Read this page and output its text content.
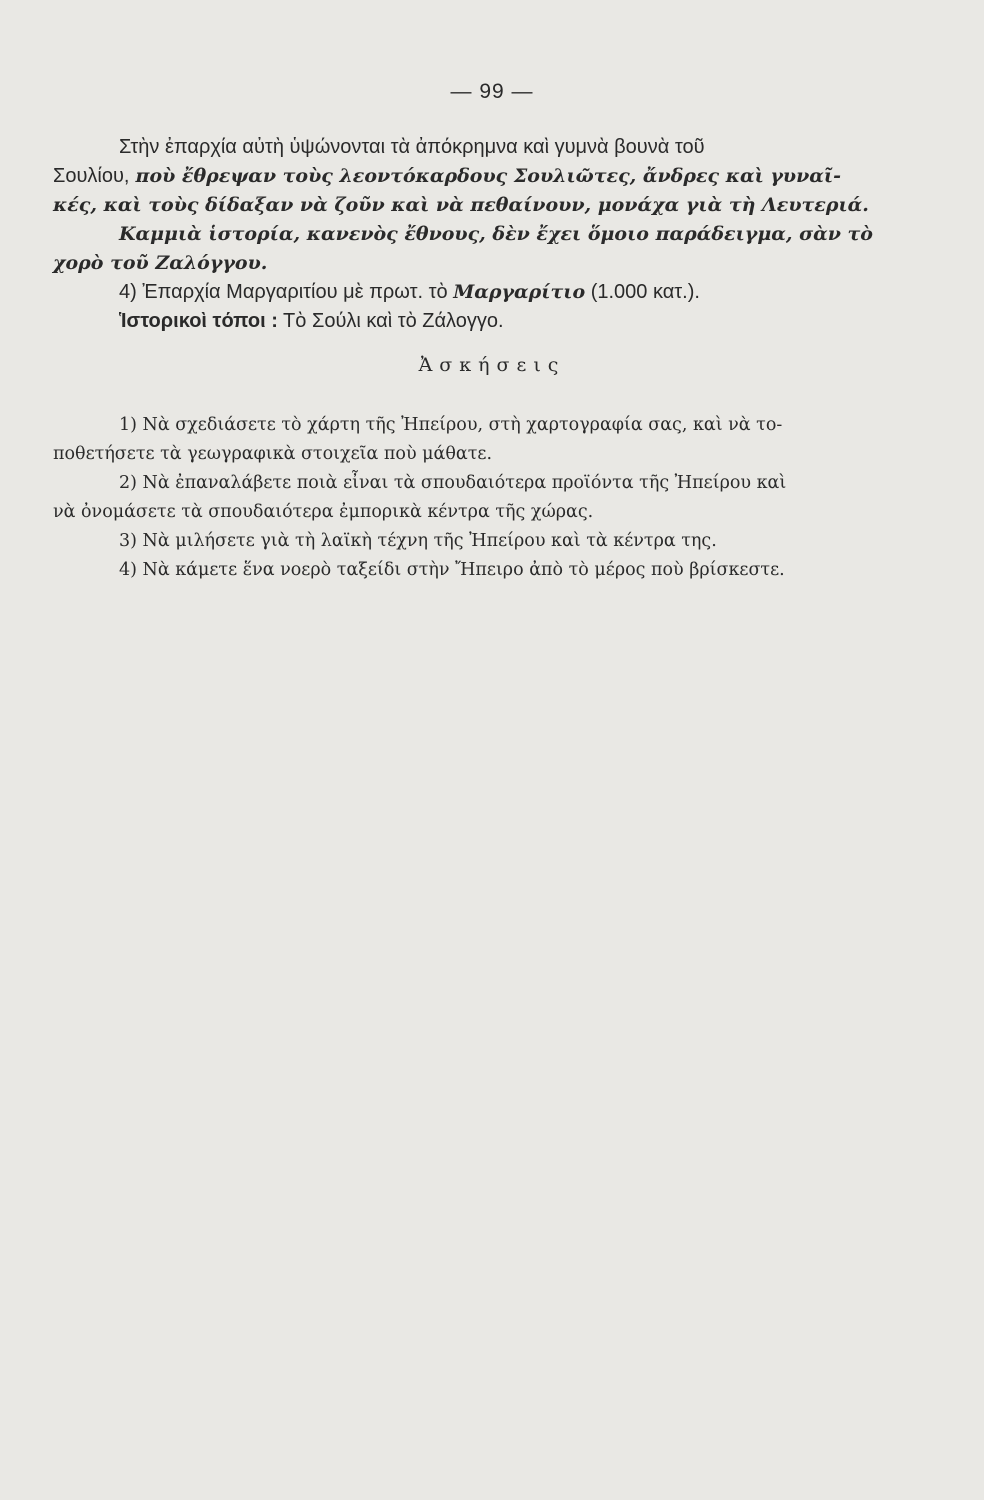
— 99 —
Στὴν ἐπαρχία αὐτὴ ὑψώνονται τὰ ἀπόκρημνα καὶ γυμνὰ βουνὰ τοῦ
Σουλίου, ποὺ ἔθρεψαν τοὺς λεοντόκαρδους Σουλιῶτες, ἄνδρες καὶ γυναῖ-
κές, καὶ τοὺς δίδαξαν νὰ ζοῦν καὶ νὰ πεθαίνουν, μονάχα γιὰ τὴ Λευτεριά.
Καμμιὰ ἱστορία, κανενὸς ἔθνους, δὲν ἔχει ὅμοιο παράδειγμα, σὰν τὸ
χορὸ τοῦ Ζαλόγγου.
4) Ἐπαρχία Μαργαριτίου μὲ πρωτ. τὸ Μαργαρίτιο (1.000 κατ.).
Ἱστορικοὶ τόποι : Τὸ Σούλι καὶ τὸ Ζάλογγο.
Ἀσκήσεις
1) Νὰ σχεδιάσετε τὸ χάρτη τῆς Ἠπείρου, στὴ χαρτογραφία σας, καὶ νὰ το-
ποθετήσετε τὰ γεωγραφικὰ στοιχεῖα ποὺ μάθατε.
2) Νὰ ἐπαναλάβετε ποιὰ εἶναι τὰ σπουδαιότερα προϊόντα τῆς Ἠπείρου καὶ
νὰ ὀνομάσετε τὰ σπουδαιότερα ἐμπορικὰ κέντρα τῆς χώρας.
3) Νὰ μιλήσετε γιὰ τὴ λαϊκὴ τέχνη τῆς Ἠπείρου καὶ τὰ κέντρα της.
4) Νὰ κάμετε ἕνα νοερὸ ταξείδι στὴν Ἤπειρο ἀπὸ τὸ μέρος ποὺ βρίσκεστε.
